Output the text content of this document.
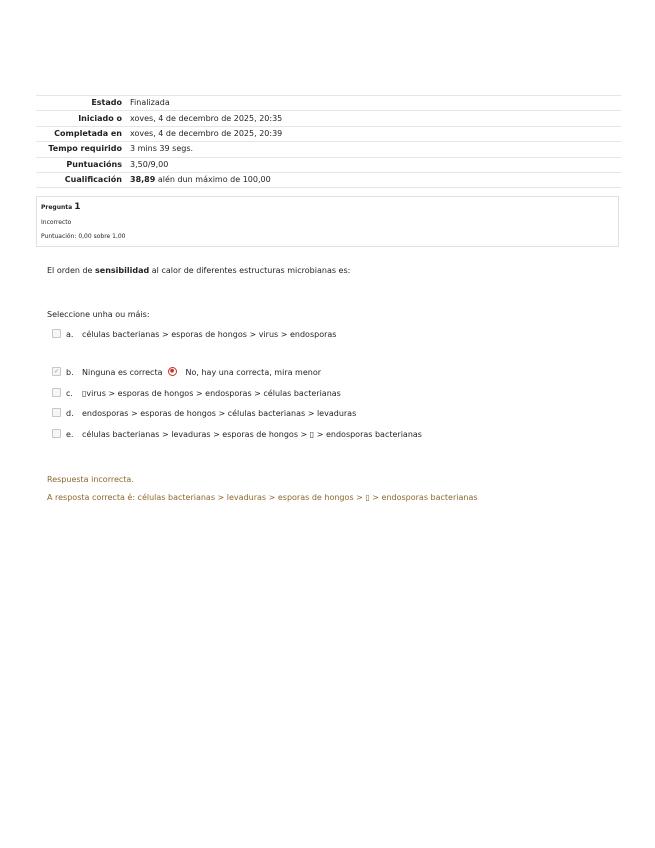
Estado	Finalizada
Iniciado o	xoves, 4 de decembro de 2025, 20:35
Completada en	xoves, 4 de decembro de 2025, 20:39
Tempo requirido	3 mins 39 segs.
Puntuacións	3,50/9,00
Cualificación	38,89 alén dun máximo de 100,00
Pregunta 1
Incorrecto
Puntuación: 0,00 sobre 1,00
El orden de sensibilidad al calor de diferentes estructuras microbianas es:
Seleccione unha ou máis:
a. células bacterianas > esporas de hongos > virus > endosporas
✓ b. Ninguna es correcta ● No, hay una correcta, mira menor
c. ▯virus > esporas de hongos > endosporas > células bacterianas
d. endosporas > esporas de hongos > células bacterianas > levaduras
e. células bacterianas > levaduras > esporas de hongos > ▯ > endosporas bacterianas
Respuesta incorrecta.
A resposta correcta é: células bacterianas > levaduras > esporas de hongos > ▯ > endosporas bacterianas
